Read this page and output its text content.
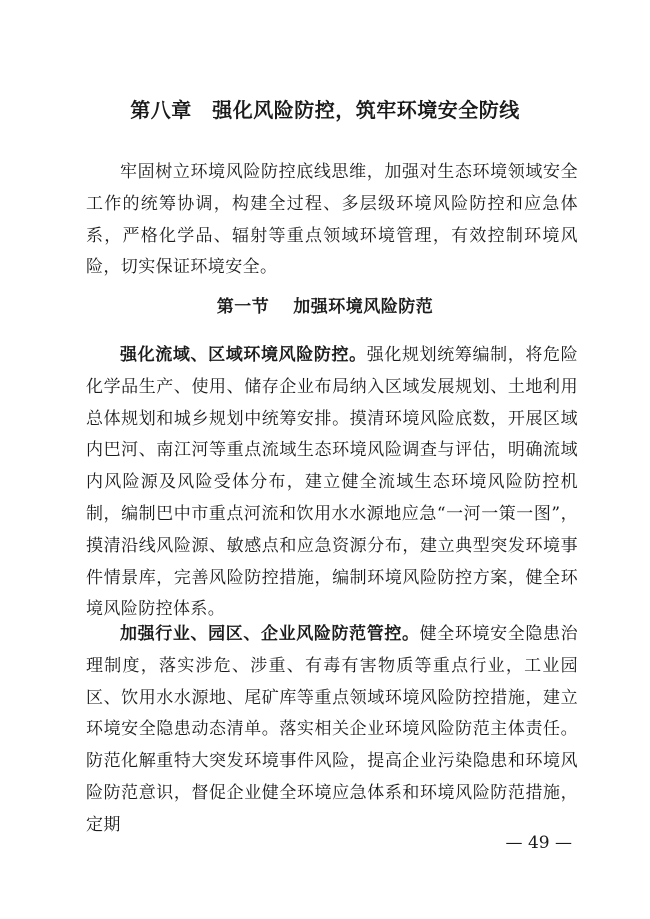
第八章　强化风险防控，筑牢环境安全防线

牢固树立环境风险防控底线思维，加强对生态环境领域安全工作的统筹协调，构建全过程、多层级环境风险防控和应急体系，严格化学品、辐射等重点领域环境管理，有效控制环境风险，切实保证环境安全。

第一节 加强环境风险防范

强化流域、区域环境风险防控。强化规划统筹编制，将危险化学品生产、使用、储存企业布局纳入区域发展规划、土地利用总体规划和城乡规划中统筹安排。摸清环境风险底数，开展区域内巴河、南江河等重点流域生态环境风险调查与评估，明确流域内风险源及风险受体分布，建立健全流域生态环境风险防控机制，编制巴中市重点河流和饮用水水源地应急“一河一策一图”，摸清沿线风险源、敏感点和应急资源分布，建立典型突发环境事件情景库，完善风险防控措施，编制环境风险防控方案，健全环境风险防控体系。

加强行业、园区、企业风险防范管控。健全环境安全隐患治理制度，落实涉危、涉重、有毒有害物质等重点行业，工业园区、饮用水水源地、尾矿库等重点领域环境风险防控措施，建立环境安全隐患动态清单。落实相关企业环境风险防范主体责任。防范化解重特大突发环境事件风险，提高企业污染隐患和环境风险防范意识，督促企业健全环境应急体系和环境风险防范措施，定期

— 49 —
